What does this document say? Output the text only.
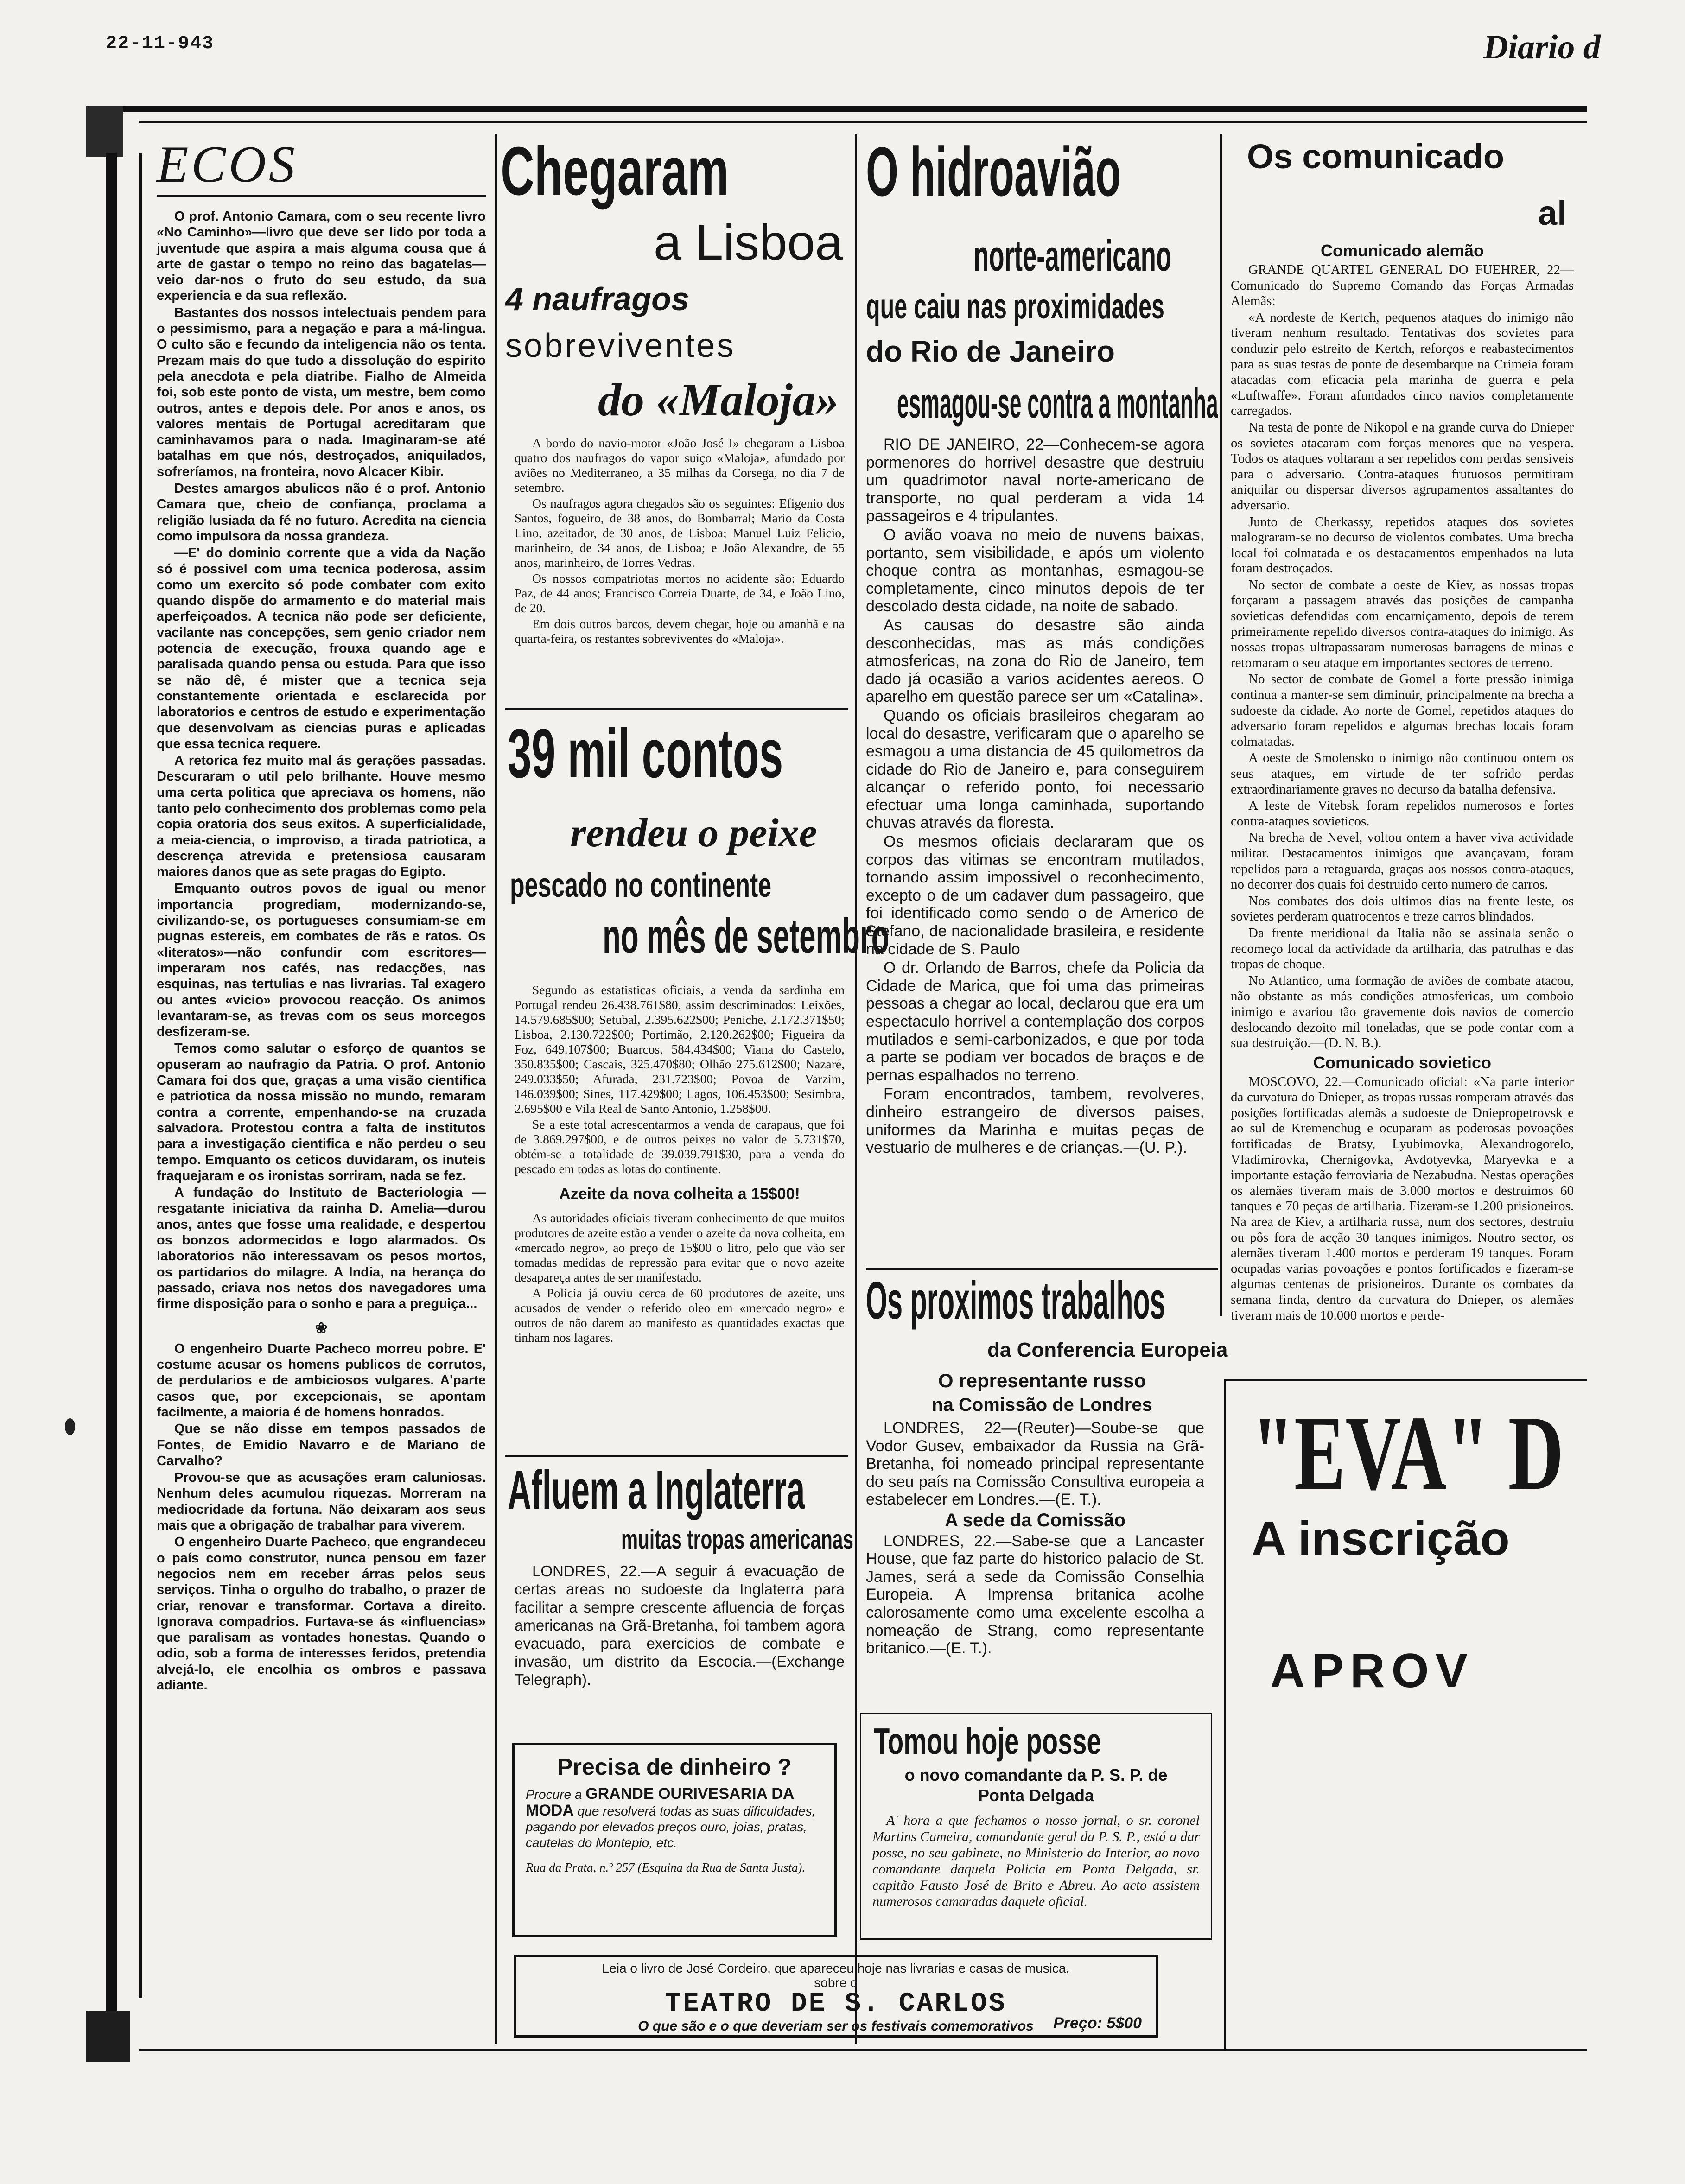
22-11-943	Diario d
ECOS

O prof. Antonio Camara, com o seu recente livro «No Caminho»—livro que deve ser lido por toda a juventude que aspira a mais alguma cousa que á arte de gastar o tempo no reino das bagatelas—veio dar-nos o fruto do seu estudo, da sua experiencia e da sua reflexão.

Bastantes dos nossos intelectuais pendem para o pessimismo, para a negação e para a má-lingua. O culto são e fecundo da inteligencia não os tenta. Prezam mais do que tudo a dissolução do espirito pela anecdota e pela diatribe. Fialho de Almeida foi, sob este ponto de vista, um mestre, bem como outros, antes e depois dele. Por anos e anos, os valores mentais de Portugal acreditaram que caminhavamos para o nada. Imaginaram-se até batalhas em que nós, destroçados, aniquilados, sofreríamos, na fronteira, novo Alcacer Kibir.

Destes amargos abulicos não é o prof. Antonio Camara que, cheio de confiança, proclama a religião lusiada da fé no futuro. Acredita na ciencia como impulsora da nossa grandeza.

—E' do dominio corrente que a vida da Nação só é possivel com uma tecnica poderosa, assim como um exercito só pode combater com exito quando dispõe do armamento e do material mais aperfeiçoados. A tecnica não pode ser deficiente, vacilante nas concepções, sem genio criador nem potencia de execução, frouxa quando age e paralisada quando pensa ou estuda. Para que isso se não dê, é mister que a tecnica seja constantemente orientada e esclarecida por laboratorios e centros de estudo e experimentação que desenvolvam as ciencias puras e aplicadas que essa tecnica requere.

A retorica fez muito mal ás gerações passadas. Descuraram o util pelo brilhante. Houve mesmo uma certa politica que apreciava os homens, não tanto pelo conhecimento dos problemas como pela copia oratoria dos seus exitos. A superficialidade, a meia-ciencia, o improviso, a tirada patriotica, a descrença atrevida e pretensiosa causaram maiores danos que as sete pragas do Egipto.

Emquanto outros povos de igual ou menor importancia progrediam, modernizando-se, civilizando-se, os portugueses consumiam-se em pugnas estereis, em combates de rãs e ratos. Os «literatos»—não confundir com escritores—imperaram nos cafés, nas redacções, nas esquinas, nas tertulias e nas livrarias. Tal exagero ou antes «vicio» provocou reacção. Os animos levantaram-se, as trevas com os seus morcegos desfizeram-se.

Temos como salutar o esforço de quantos se opuseram ao naufragio da Patria. O prof. Antonio Camara foi dos que, graças a uma visão cientifica e patriotica da nossa missão no mundo, remaram contra a corrente, empenhando-se na cruzada salvadora. Protestou contra a falta de institutos para a investigação cientifica e não perdeu o seu tempo. Emquanto os ceticos duvidaram, os inuteis fraquejaram e os ironistas sorriram, nada se fez.

A fundação do Instituto de Bacteriologia —resgatante iniciativa da rainha D. Amelia—durou anos, antes que fosse uma realidade, e despertou os bonzos adormecidos e logo alarmados. Os laboratorios não interessavam os pesos mortos, os partidarios do milagre. A India, na herança do passado, criava nos netos dos navegadores uma firme disposição para o sonho e para a preguiça...

❀

O engenheiro Duarte Pacheco morreu pobre. E' costume acusar os homens publicos de corrutos, de perdularios e de ambiciosos vulgares. A'parte casos que, por excepcionais, se apontam facilmente, a maioria é de homens honrados.

Que se não disse em tempos passados de Fontes, de Emidio Navarro e de Mariano de Carvalho?

Provou-se que as acusações eram caluniosas. Nenhum deles acumulou riquezas. Morreram na mediocridade da fortuna. Não deixaram aos seus mais que a obrigação de trabalhar para viverem.

O engenheiro Duarte Pacheco, que engrandeceu o país como construtor, nunca pensou em fazer negocios nem em receber árras pelos seus serviços. Tinha o orgulho do trabalho, o prazer de criar, renovar e transformar. Cortava a direito. Ignorava compadrios. Furtava-se ás «influencias» que paralisam as vontades honestas. Quando o odio, sob a forma de interesses feridos, pretendia alvejá-lo, ele encolhia os ombros e passava adiante.

Chegaram
a Lisboa
4 naufragos
sobreviventes
do «Maloja»

A bordo do navio-motor «João José I» chegaram a Lisboa quatro dos naufragos do vapor suiço «Maloja», afundado por aviões no Mediterraneo, a 35 milhas da Corsega, no dia 7 de setembro.

Os naufragos agora chegados são os seguintes: Efigenio dos Santos, fogueiro, de 38 anos, do Bombarral; Mario da Costa Lino, azeitador, de 30 anos, de Lisboa; Manuel Luiz Felicio, marinheiro, de 34 anos, de Lisboa; e João Alexandre, de 55 anos, marinheiro, de Torres Vedras.

Os nossos compatriotas mortos no acidente são: Eduardo Paz, de 44 anos; Francisco Correia Duarte, de 34, e João Lino, de 20.

Em dois outros barcos, devem chegar, hoje ou amanhã e na quarta-feira, os restantes sobreviventes do «Maloja».

39 mil contos
rendeu o peixe
pescado no continente
no mês de setembro

Segundo as estatisticas oficiais, a venda da sardinha em Portugal rendeu 26.438.761$80, assim descriminados: Leixões, 14.579.685$00; Setubal, 2.395.622$00; Peniche, 2.172.371$50; Lisboa, 2.130.722$00; Portimão, 2.120.262$00; Figueira da Foz, 649.107$00; Buarcos, 584.434$00; Viana do Castelo, 350.835$00; Cascais, 325.470$80; Olhão 275.612$00; Nazaré, 249.033$50; Afurada, 231.723$00; Povoa de Varzim, 146.039$00; Sines, 117.429$00; Lagos, 106.453$00; Sesimbra, 2.695$00 e Vila Real de Santo Antonio, 1.258$00.

Se a este total acrescentarmos a venda de carapaus, que foi de 3.869.297$00, e de outros peixes no valor de 5.731$70, obtém-se a totalidade de 39.039.791$30, para a venda do pescado em todas as lotas do continente.

Azeite da nova colheita a 15$00!

As autoridades oficiais tiveram conhecimento de que muitos produtores de azeite estão a vender o azeite da nova colheita, em «mercado negro», ao preço de 15$00 o litro, pelo que vão ser tomadas medidas de repressão para evitar que o novo azeite desapareça antes de ser manifestado.

A Policia já ouviu cerca de 60 produtores de azeite, uns acusados de vender o referido oleo em «mercado negro» e outros de não darem ao manifesto as quantidades exactas que tinham nos lagares.

Afluem a Inglaterra
muitas tropas americanas

LONDRES, 22.—A seguir á evacuação de certas areas no sudoeste da Inglaterra para facilitar a sempre crescente afluencia de forças americanas na Grã-Bretanha, foi tambem agora evacuado, para exercicios de combate e invasão, um distrito da Escocia.—(Exchange Telegraph).

Precisa de dinheiro ?
Procure a GRANDE OURIVESARIA DA MODA que resolverá todas as suas dificuldades, pagando por elevados preços ouro, joias, pratas, cautelas do Montepio, etc.
Rua da Prata, n.º 257 (Esquina da Rua de Santa Justa).
Leia o livro de José Cordeiro, que apareceu hoje nas livrarias e casas de musica,
sobre o
TEATRO DE S. CARLOS
O que são e o que deveriam ser os festivais comemorativos	Preço: 5$00
O hidroavião
norte-americano
que caiu nas proximidades
do Rio de Janeiro
esmagou-se contra a montanha

RIO DE JANEIRO, 22—Conhecem-se agora pormenores do horrivel desastre que destruiu um quadrimotor naval norte-americano de transporte, no qual perderam a vida 14 passageiros e 4 tripulantes.

O avião voava no meio de nuvens baixas, portanto, sem visibilidade, e após um violento choque contra as montanhas, esmagou-se completamente, cinco minutos depois de ter descolado desta cidade, na noite de sabado.

As causas do desastre são ainda desconhecidas, mas as más condições atmosfericas, na zona do Rio de Janeiro, tem dado já ocasião a varios acidentes aereos. O aparelho em questão parece ser um «Catalina».

Quando os oficiais brasileiros chegaram ao local do desastre, verificaram que o aparelho se esmagou a uma distancia de 45 quilometros da cidade do Rio de Janeiro e, para conseguirem alcançar o referido ponto, foi necessario efectuar uma longa caminhada, suportando chuvas através da floresta.

Os mesmos oficiais declararam que os corpos das vitimas se encontram mutilados, tornando assim impossivel o reconhecimento, excepto o de um cadaver dum passageiro, que foi identificado como sendo o de Americo de Stefano, de nacionalidade brasileira, e residente na cidade de S. Paulo

O dr. Orlando de Barros, chefe da Policia da Cidade de Marica, que foi uma das primeiras pessoas a chegar ao local, declarou que era um espectaculo horrivel a contemplação dos corpos mutilados e semi-carbonizados, e que por toda a parte se podiam ver bocados de braços e de pernas espalhados no terreno.

Foram encontrados, tambem, revolveres, dinheiro estrangeiro de diversos paises, uniformes da Marinha e muitas peças de vestuario de mulheres e de crianças.—(U. P.).

Os proximos trabalhos
da Conferencia Europeia
O representante russo
na Comissão de Londres

LONDRES, 22—(Reuter)—Soube-se que Vodor Gusev, embaixador da Russia na Grã-Bretanha, foi nomeado principal representante do seu país na Comissão Consultiva europeia a estabelecer em Londres.—(E. T.).

A sede da Comissão

LONDRES, 22.—Sabe-se que a Lancaster House, que faz parte do historico palacio de St. James, será a sede da Comissão Conselhia Europeia. A Imprensa britanica acolhe calorosamente como uma excelente escolha a nomeação de Strang, como representante britanico.—(E. T.).

Tomou hoje posse
o novo comandante da P. S. P. de Ponta Delgada
A' hora a que fechamos o nosso jornal, o sr. coronel Martins Cameira, comandante geral da P. S. P., está a dar posse, no seu gabinete, no Ministerio do Interior, ao novo comandante daquela Policia em Ponta Delgada, sr. capitão Fausto José de Brito e Abreu. Ao acto assistem numerosos camaradas daquele oficial.
Os comunicado
al
Comunicado alemão

GRANDE QUARTEL GENERAL DO FUEHRER, 22—Comunicado do Supremo Comando das Forças Armadas Alemãs:

«A nordeste de Kertch, pequenos ataques do inimigo não tiveram nenhum resultado. Tentativas dos sovietes para conduzir pelo estreito de Kertch, reforços e reabastecimentos para as suas testas de ponte de desembarque na Crimeia foram atacadas com eficacia pela marinha de guerra e pela «Luftwaffe». Foram afundados cinco navios completamente carregados.

Na testa de ponte de Nikopol e na grande curva do Dnieper os sovietes atacaram com forças menores que na vespera. Todos os ataques voltaram a ser repelidos com perdas sensiveis para o adversario. Contra-ataques frutuosos permitiram aniquilar ou dispersar diversos agrupamentos assaltantes do adversario.

Junto de Cherkassy, repetidos ataques dos sovietes malograram-se no decurso de violentos combates. Uma brecha local foi colmatada e os destacamentos empenhados na luta foram destroçados.

No sector de combate a oeste de Kiev, as nossas tropas forçaram a passagem através das posições de campanha sovieticas defendidas com encarniçamento, depois de terem primeiramente repelido diversos contra-ataques do inimigo. As nossas tropas ultrapassaram numerosas barragens de minas e retomaram o seu ataque em importantes sectores de terreno.

No sector de combate de Gomel a forte pressão inimiga continua a manter-se sem diminuir, principalmente na brecha a sudoeste da cidade. Ao norte de Gomel, repetidos ataques do adversario foram repelidos e algumas brechas locais foram colmatadas.

A oeste de Smolensko o inimigo não continuou ontem os seus ataques, em virtude de ter sofrido perdas extraordinariamente graves no decurso da batalha defensiva.

A leste de Vitebsk foram repelidos numerosos e fortes contra-ataques sovieticos.

Na brecha de Nevel, voltou ontem a haver viva actividade militar. Destacamentos inimigos que avançavam, foram repelidos para a retaguarda, graças aos nossos contra-ataques, no decorrer dos quais foi destruido certo numero de carros.

Nos combates dos dois ultimos dias na frente leste, os sovietes perderam quatrocentos e treze carros blindados.

Da frente meridional da Italia não se assinala senão o recomeço local da actividade da artilharia, das patrulhas e das tropas de choque.

No Atlantico, uma formação de aviões de combate atacou, não obstante as más condições atmosfericas, um comboio inimigo e avariou tão gravemente dois navios de comercio deslocando dezoito mil toneladas, que se pode contar com a sua destruição.—(D. N. B.).

Comunicado sovietico

MOSCOVO, 22.—Comunicado oficial: «Na parte interior da curvatura do Dnieper, as tropas russas romperam através das posições fortificadas alemãs a sudoeste de Dniepropetrovsk e ao sul de Kremenchug e ocuparam as poderosas povoações fortificadas de Bratsy, Lyubimovka, Alexandrogorelo, Vladimirovka, Chernigovka, Avdotyevka, Maryevka e a importante estação ferroviaria de Nezabudna. Nestas operações os alemães tiveram mais de 3.000 mortos e destruimos 60 tanques e 70 peças de artilharia. Fizeram-se 1.200 prisioneiros. Na area de Kiev, a artilharia russa, num dos sectores, destruiu ou pôs fora de acção 30 tanques inimigos. Noutro sector, os alemães tiveram 1.400 mortos e perderam 19 tanques. Foram ocupadas varias povoações e pontos fortificados e fizeram-se algumas centenas de prisioneiros. Durante os combates da semana finda, dentro da curvatura do Dnieper, os alemães tiveram mais de 10.000 mortos e perde-

"EVA" D
A inscrição
APROV
